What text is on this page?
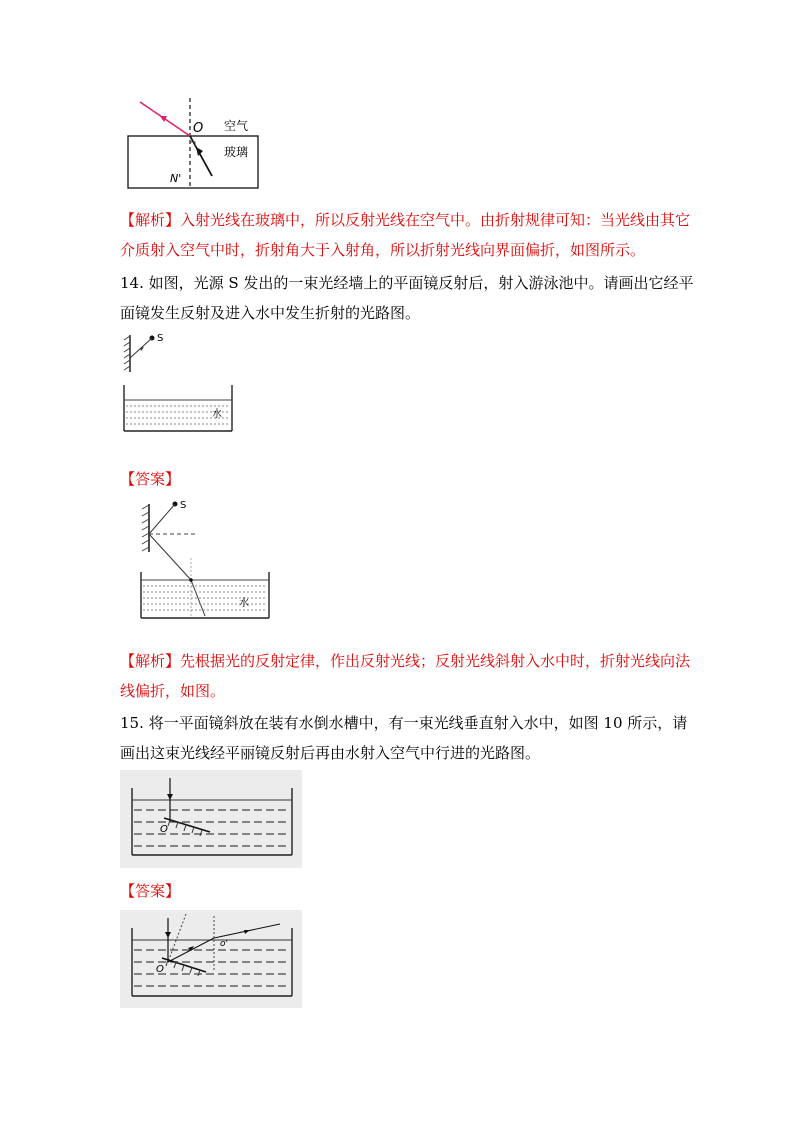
O 空气
玻璃
N'

【解析】入射光线在玻璃中，所以反射光线在空气中。由折射规律可知：当光线由其它介质射入空气中时，折射角大于入射角，所以折射光线向界面偏折，如图所示。

14. 如图，光源 S 发出的一束光经墙上的平面镜反射后，射入游泳池中。请画出它经平面镜发生反射及进入水中发生折射的光路图。

S
水
【答案】
S
水

【解析】先根据光的反射定律，作出反射光线；反射光线斜射入水中时，折射光线向法线偏折，如图。

15. 将一平面镜斜放在装有水倒水槽中，有一束光线垂直射入水中，如图 10 所示，请画出这束光线经平丽镜反射后再由水射入空气中行进的光路图。

O
【答案】
O
o'
